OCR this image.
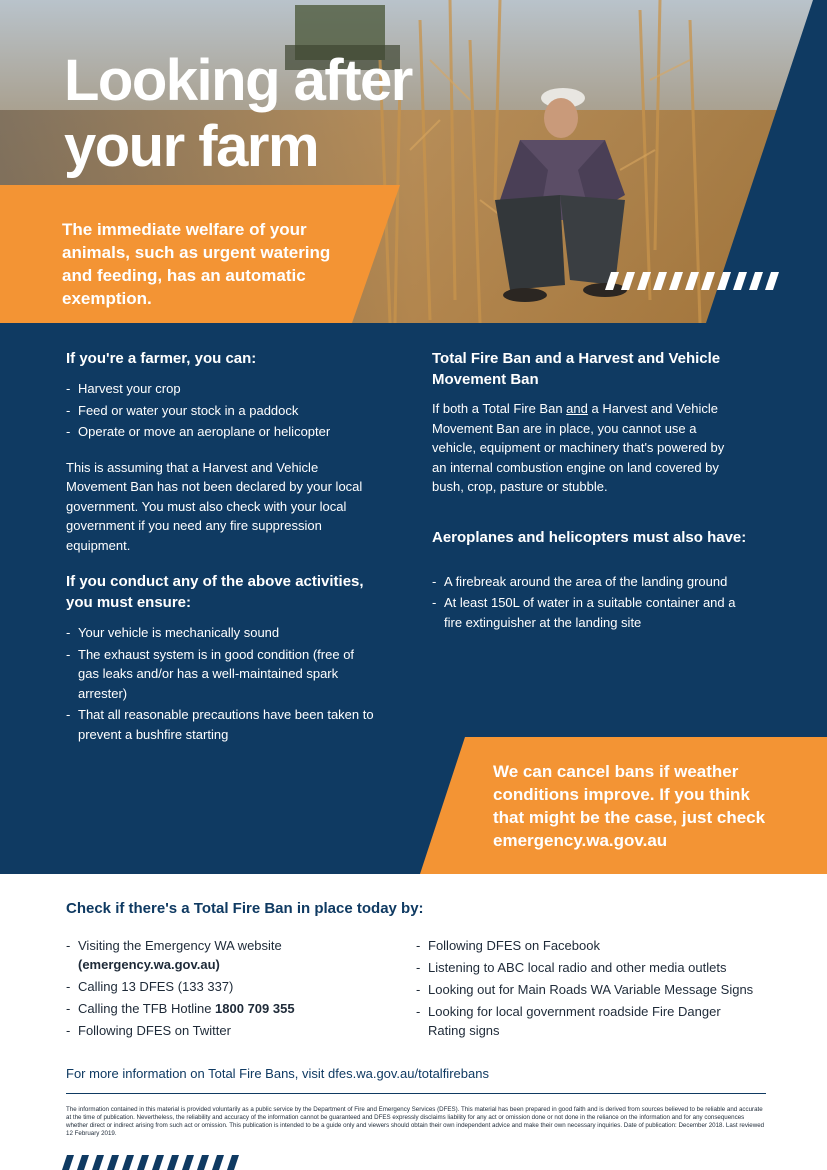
Looking after
your farm
The immediate welfare of your animals, such as urgent watering and feeding, has an automatic exemption.
If you're a farmer, you can:
- Harvest your crop
- Feed or water your stock in a paddock
- Operate or move an aeroplane or helicopter

This is assuming that a Harvest and Vehicle Movement Ban has not been declared by your local government. You must also check with your local government if you need any fire suppression equipment.

If you conduct any of the above activities,
you must ensure:
- Your vehicle is mechanically sound
- The exhaust system is in good condition (free of gas leaks and/or has a well-maintained spark arrester)
- That all reasonable precautions have been taken to prevent a bushfire starting
Total Fire Ban and a Harvest and Vehicle
Movement Ban

If both a Total Fire Ban and a Harvest and Vehicle Movement Ban are in place, you cannot use a vehicle, equipment or machinery that's powered by an internal combustion engine on land covered by bush, crop, pasture or stubble.

Aeroplanes and helicopters must also have:
- A firebreak around the area of the landing ground
- At least 150L of water in a suitable container and a fire extinguisher at the landing site
We can cancel bans if weather conditions improve. If you think that might be the case, just check emergency.wa.gov.au
Check if there's a Total Fire Ban in place today by:
- Visiting the Emergency WA website
(emergency.wa.gov.au)
- Calling 13 DFES (133 337)
- Calling the TFB Hotline 1800 709 355
- Following DFES on Twitter
- Following DFES on Facebook
- Listening to ABC local radio and other media outlets
- Looking out for Main Roads WA Variable Message Signs
- Looking for local government roadside Fire Danger Rating signs
For more information on Total Fire Bans, visit dfes.wa.gov.au/totalfirebans
The information contained in this material is provided voluntarily as a public service by the Department of Fire and Emergency Services (DFES). This material has been prepared in good faith and is derived from sources believed to be reliable and accurate at the time of publication. Nevertheless, the reliability and accuracy of the information cannot be guaranteed and DFES expressly disclaims liability for any act or omission done or not done in the reliance on the information and for any consequences whether direct or indirect arising from such act or omission. This publication is intended to be a guide only and viewers should obtain their own independent advice and make their own necessary inquiries. Date of publication: December 2018. Last reviewed 12 February 2019.
